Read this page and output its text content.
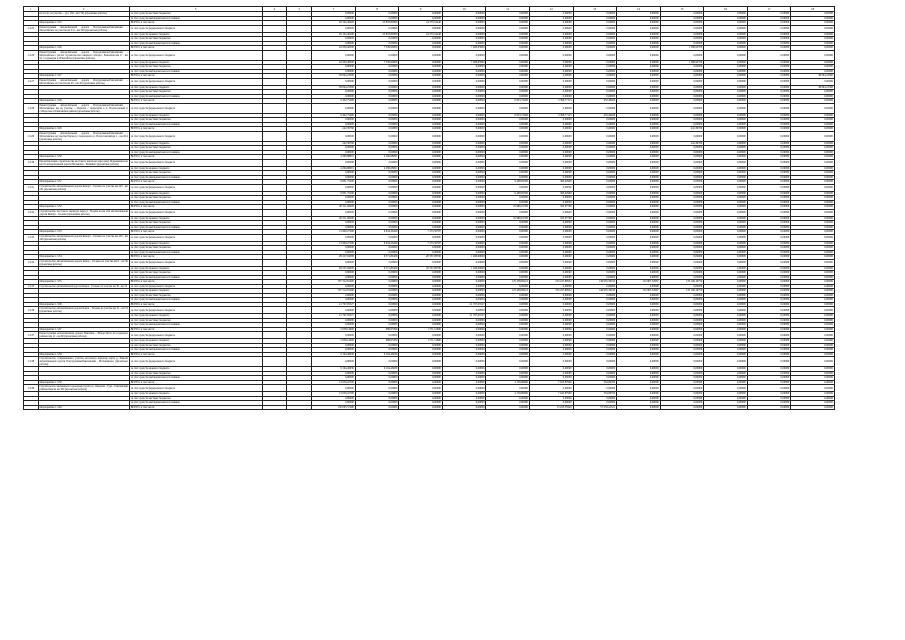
1	2	3	4	5	7	8	9	10	11	12	13	14	15	16	17	18
	из постр. на участке ... (ул. 159 - км 170) (проектные работы)	за счет средств местных бюджетов			0,00000	0,00000	0,00000	0,00000	0,00000	0,00000	0,00000	0,00000	0,00000	0,00000	0,00000	0,00000
		за счет средств внебюджетных источников			0,00000	0,00000	0,00000	0,00000	0,00000	0,00000	0,00000	0,00000	0,00000	0,00000	0,00000	0,00000
	Мероприятие 1.3.25	ВСЕГО, в том числе:			26 102,40200	23 833,82800	24 373,54440	0,00000	0,00000	0,00000	0,00000	0,00000	0,00000	0,00000	0,00000	0,00000
1.3.25	Реконструкция автомобильной дороги Погрудлавная-Енисейский - Мотыгинское на участке км 331 - км 349 (проектные работы)	за счет средств федерального бюджета			0,00000	0,00000	0,00000	0,00000	0,00000	0,00000	0,00000	0,00000	0,00000	0,00000	0,00000	0,00000
		за счет средств краевого бюджета			26 102,40200	23 833,82800	24 373,54440	0,00000	0,00000	0,00000	0,00000	0,00000	0,00000	0,00000	0,00000	0,00000
		за счет средств местных бюджетов			0,00000	0,00000	0,00000	0,00000	0,00000	0,00000	0,00000	0,00000	0,00000	0,00000	0,00000	0,00000
		за счет средств внебюджетных источников			0,00000	0,00000	0,00000	0,00000	0,00000	0,00000	0,00000	0,00000	0,00000	0,00000	0,00000	0,00000
	Мероприятие 1.3.26	ВСЕГО, в том числе:			42 659,46500	7 539,90000	0,00000	7 480,83900	0,00000	0,00000	0,00000	0,00000	1 386,92700	0,00000	0,00000	0,00000
1.3.26	Реконструкция автомобильной дороги Погрудлавная-Енисейский - Мотыгинское с расчет строительства северного обхода г. Енисейска км 17 - км 51 с подъездом к г.Енисейску (проектные работы)	за счет средств федерального бюджета			0,00000	0,00000	0,00000	0,00000	0,00000	0,00000	0,00000	0,00000	0,00000	0,00000	0,00000	0,00000
		за счет средств краевого бюджета			42 659,46500	7 539,90000	0,00000	7 480,83900	0,00000	0,00000	0,00000	0,00000	1 386,92700	0,00000	0,00000	0,00000
		за счет средств местных бюджетов			0,00000	0,00000	0,00000	0,00000	0,00000	0,00000	0,00000	0,00000	0,00000	0,00000	0,00000	0,00000
		за счет средств внебюджетных источников			0,00000	0,00000	0,00000	0,00000	0,00000	0,00000	0,00000	0,00000	0,00000	0,00000	0,00000	0,00000
	Мероприятие 1.3.27	ВСЕГО, в том числе:			38 694,23300	0,00000	0,00000	0,00000	0,00000	0,00000	0,00000	0,00000	0,00000	0,00000	0,00000	38 694,23300
1.3.27	Реконструкция автомобильной дороги Погрудлавная-Енисейский - Мотыгинское на участке км 29 - км 45 (проектные работы)	за счет средств федерального бюджета			0,00000	0,00000	0,00000	0,00000	0,00000	0,00000	0,00000	0,00000	0,00000	0,00000	0,00000	0,00000
		за счет средств краевого бюджета			38 694,23300	0,00000	0,00000	0,00000	0,00000	0,00000	0,00000	0,00000	0,00000	0,00000	0,00000	38 694,23300
		за счет средств местных бюджетов			0,00000	0,00000	0,00000	0,00000	0,00000	0,00000	0,00000	0,00000	0,00000	0,00000	0,00000	0,00000
		за счет средств внебюджетных источников			0,00000	0,00000	0,00000	0,00000	0,00000	0,00000	0,00000	0,00000	0,00000	0,00000	0,00000	0,00000
	Мероприятие 1.3.28	ВСЕГО, в том числе:			9 402,75400	0,00000	0,00000	0,00000	6 953,72400	2 390,77113	432,40400	0,00000	0,00000	0,00000	0,00000	0,00000
1.3.28	Реконструкция автомобильной дороги Погрудлавная-Енисейский - Мотыгинское км на участке ... Переезд с подъездом к п. Подтесовский и ст.Ворогово в Енисейском районе (проектные работы)	за счет средств федерального бюджета			0,00000	0,00000	0,00000	0,00000	0,00000	0,00000	0,00000	0,00000	0,00000	0,00000	0,00000	0,00000
		за счет средств краевого бюджета			9 402,75400	0,00000	0,00000	0,00000	6 953,72400	2 390,77113	432,40400	0,00000	0,00000	0,00000	0,00000	0,00000
		за счет средств местных бюджетов			0,00000	0,00000	0,00000	0,00000	0,00000	0,00000	0,00000	0,00000	0,00000	0,00000	0,00000	0,00000
		за счет средств внебюджетных источников			0,00000	0,00000	0,00000	0,00000	0,00000	0,00000	0,00000	0,00000	0,00000	0,00000	0,00000	0,00000
	Мероприятие 1.3.29	ВСЕГО, в том числе:			242,36760	0,00000	0,00000	0,00000	0,00000	0,00000	0,00000	0,00000	242,36760	0,00000	0,00000	0,00000
1.3.29	Реконструкция автомобильной дороги Погрудлавная-Енисейский - Мотыгинское на участке Переезд с подъездом к п. Подтесовский км 1 - км 20,4 (проектные работы)	за счет средств федерального бюджета			0,00000	0,00000	0,00000	0,00000	0,00000	0,00000	0,00000	0,00000	0,00000	0,00000	0,00000	0,00000
		за счет средств краевого бюджета			242,36760	0,00000	0,00000	0,00000	0,00000	0,00000	0,00000	0,00000	242,36760	0,00000	0,00000	0,00000
		за счет средств местных бюджетов			0,00000	0,00000	0,00000	0,00000	0,00000	0,00000	0,00000	0,00000	0,00000	0,00000	0,00000	0,00000
		за счет средств внебюджетных источников			0,00000	0,00000	0,00000	0,00000	0,00000	0,00000	0,00000	0,00000	0,00000	0,00000	0,00000	0,00000
	Мероприятие 1.3.30	ВСЕГО, в том числе:			4 290,68091	4 290,68091	0,00000	0,00000	0,00000	0,00000	0,00000	0,00000	0,00000	0,00000	0,00000	0,00000
1.3.30	Проектирование строительства мостового перехода через реку Подкаменная на км 16 автомобильной дороги Мотыгино - Енашимо (проектные работы)	за счет средств федерального бюджета			0,00000	0,00000	0,00000	0,00000	0,00000	0,00000	0,00000	0,00000	0,00000	0,00000	0,00000	0,00000
		за счет средств краевого бюджета			4 290,68091	4 290,68091	0,00000	0,00000	0,00000	0,00000	0,00000	0,00000	0,00000	0,00000	0,00000	0,00000
		за счет средств местных бюджетов			0,00000	0,00000	0,00000	0,00000	0,00000	0,00000	0,00000	0,00000	0,00000	0,00000	0,00000	0,00000
		за счет средств внебюджетных источников			0,00000	0,00000	0,00000	0,00000	0,00000	0,00000	0,00000	0,00000	0,00000	0,00000	0,00000	0,00000
	Мероприятие 1.3.31	ВСЕГО, в том числе:			9 831,75200	0,00000	0,00000	0,00000	9 498,82300	363,92900	0,00000	0,00000	0,00000	0,00000	0,00000	0,00000
1.3.31	Строительство автомобильной дороги Кемчуг - Тасеево на участке км 225 - км 251 (проектные работы)	за счет средств федерального бюджета			0,00000	0,00000	0,00000	0,00000	0,00000	0,00000	0,00000	0,00000	0,00000	0,00000	0,00000	0,00000
		за счет средств краевого бюджета			9 831,75200	0,00000	0,00000	0,00000	9 498,82300	363,92900	0,00000	0,00000	0,00000	0,00000	0,00000	0,00000
		за счет средств местных бюджетов			0,00000	0,00000	0,00000	0,00000	0,00000	0,00000	0,00000	0,00000	0,00000	0,00000	0,00000	0,00000
		за счет средств внебюджетных источников			0,00000	0,00000	0,00000	0,00000	0,00000	0,00000	0,00000	0,00000	0,00000	0,00000	0,00000	0,00000
	Мероприятие 1.3.32	ВСЕГО, в том числе:			20 311,69400	0,00000	0,00000	0,00000	19 986,61700	325,07700	0,00000	0,00000	0,00000	0,00000	0,00000	0,00000
1.3.32	Строительство мостового перехода через р. Тасеева на км 224 автомобильной дороги Кемчуг - Тасеево (проектные работы)	за счет средств федерального бюджета			0,00000	0,00000	0,00000	0,00000	0,00000	0,00000	0,00000	0,00000	0,00000	0,00000	0,00000	0,00000
		за счет средств краевого бюджета			20 311,69400	0,00000	0,00000	0,00000	19 986,61700	325,07700	0,00000	0,00000	0,00000	0,00000	0,00000	0,00000
		за счет средств местных бюджетов			0,00000	0,00000	0,00000	0,00000	0,00000	0,00000	0,00000	0,00000	0,00000	0,00000	0,00000	0,00000
		за счет средств внебюджетных источников			0,00000	0,00000	0,00000	0,00000	0,00000	0,00000	0,00000	0,00000	0,00000	0,00000	0,00000	0,00000
	Мероприятие 1.3.33	ВСЕГО, в том числе:			13 909,27200	6 634,36420	7 275,30787	0,00000	0,00000	0,00000	0,00000	0,00000	0,00000	0,00000	0,00000	0,00000
1.3.33	Строительство автомобильной дороги Кемчуг - Тасеево на участке км 250 - км 240 (проектные работы)	за счет средств федерального бюджета			0,00000	0,00000	0,00000	0,00000	0,00000	0,00000	0,00000	0,00000	0,00000	0,00000	0,00000	0,00000
		за счет средств краевого бюджета			13 909,27200	6 634,36420	7 275,30787	0,00000	0,00000	0,00000	0,00000	0,00000	0,00000	0,00000	0,00000	0,00000
		за счет средств местных бюджетов			0,00000	0,00000	0,00000	0,00000	0,00000	0,00000	0,00000	0,00000	0,00000	0,00000	0,00000	0,00000
		за счет средств внебюджетных источников			0,00000	0,00000	0,00000	0,00000	0,00000	0,00000	0,00000	0,00000	0,00000	0,00000	0,00000	0,00000
	Мероприятие 1.3.34	ВСЕГО, в том числе:			28 227,94300	6 371,86100	20 357,08700	1 499,00000	0,00000	0,00000	0,00000	0,00000	0,00000	0,00000	0,00000	0,00000
1.3.34	Строительство автомобильной дороги Канск - Тасеево на участке км 0 - км 36 (проектные работы)	за счет средств федерального бюджета			0,00000	0,00000	0,00000	0,00000	0,00000	0,00000	0,00000	0,00000	0,00000	0,00000	0,00000	0,00000
		за счет средств краевого бюджета			28 227,94300	6 371,86100	20 357,08700	1 499,00000	0,00000	0,00000	0,00000	0,00000	0,00000	0,00000	0,00000	0,00000
		за счет средств местных бюджетов			0,00000	0,00000	0,00000	0,00000	0,00000	0,00000	0,00000	0,00000	0,00000	0,00000	0,00000	0,00000
		за счет средств внебюджетных источников			0,00000	0,00000	0,00000	0,00000	0,00000	0,00000	0,00000	0,00000	0,00000	0,00000	0,00000	0,00000
	Мероприятие 1.3.35	ВСЕГО, в том числе:			797 312,81400	0,00000	0,00000	0,00000	125 438,69413	234 227,80952	146 935,39193	152 907,32967	133 106,16759	0,00000	0,00000	0,00000
1.3.35	Строительство автомобильной дороги Канск - Тасеево на участке км 36 - км 50	за счет средств федерального бюджета			0,00000	0,00000	0,00000	0,00000	0,00000	0,00000	0,00000	0,00000	0,00000	0,00000	0,00000	0,00000
		за счет средств краевого бюджета			797 312,81400	0,00000	0,00000	0,00000	125 438,69413	234 227,80952	146 935,39193	152 907,32967	133 106,16759	0,00000	0,00000	0,00000
		за счет средств местных бюджетов			0,00000	0,00000	0,00000	0,00000	0,00000	0,00000	0,00000	0,00000	0,00000	0,00000	0,00000	0,00000
		за счет средств внебюджетных источников			0,00000	0,00000	0,00000	0,00000	0,00000	0,00000	0,00000	0,00000	0,00000	0,00000	0,00000	0,00000
	Мероприятие 1.3.36	ВСЕГО, в том числе:			21 797,05527	0,00000	0,00000	21 797,05527	0,00000	0,00000	0,00000	0,00000	0,00000	0,00000	0,00000	0,00000
1.3.36	Строительство автомобильной дороги Канск - Тасеево на участке км 51 - км 53 (проектные работы)	за счет средств федерального бюджета			0,00000	0,00000	0,00000	0,00000	0,00000	0,00000	0,00000	0,00000	0,00000	0,00000	0,00000	0,00000
		за счет средств краевого бюджета			21 797,05527	0,00000	0,00000	21 797,05527	0,00000	0,00000	0,00000	0,00000	0,00000	0,00000	0,00000	0,00000
		за счет средств местных бюджетов			0,00000	0,00000	0,00000	0,00000	0,00000	0,00000	0,00000	0,00000	0,00000	0,00000	0,00000	0,00000
		за счет средств внебюджетных источников			0,00000	0,00000	0,00000	0,00000	0,00000	0,00000	0,00000	0,00000	0,00000	0,00000	0,00000	0,00000
	Мероприятие 1.3.37	ВСЕГО, в том числе:			2 658,14900	086,63300	1 571,51600	0,00000	0,00000	0,00000	0,00000	0,00000	0,00000	0,00000	0,00000	0,00000
1.3.37	Реконструкция автомобильной дороги Енисейск - Новоуститск на подъездах районах км 12 - км 60 (проектные работы)	за счет средств федерального бюджета			0,00000	0,00000	0,00000	0,00000	0,00000	0,00000	0,00000	0,00000	0,00000	0,00000	0,00000	0,00000
		за счет средств краевого бюджета			2 658,14900	086,63300	1 571,51600	0,00000	0,00000	0,00000	0,00000	0,00000	0,00000	0,00000	0,00000	0,00000
		за счет средств местных бюджетов			0,00000	0,00000	0,00000	0,00000	0,00000	0,00000	0,00000	0,00000	0,00000	0,00000	0,00000	0,00000
		за счет средств внебюджетных источников			0,00000	0,00000	0,00000	0,00000	0,00000	0,00000	0,00000	0,00000	0,00000	0,00000	0,00000	0,00000
	Мероприятие 1.3.38	ВСЕГО, в том числе:			9 164,46630	9 164,46630	0,00000	0,00000	0,00000	0,00000	0,00000	0,00000	0,00000	0,00000	0,00000	0,00000
1.3.38	Строительство сопряжающего участка мостового перехода через р. Енисей автомобильной дороги Погрудлавная-Енисейский - Мотыгинское (проектные работы)	за счет средств федерального бюджета			0,00000	0,00000	0,00000	0,00000	0,00000	0,00000	0,00000	0,00000	0,00000	0,00000	0,00000	0,00000
		за счет средств краевого бюджета			9 164,46630	9 164,46630	0,00000	0,00000	0,00000	0,00000	0,00000	0,00000	0,00000	0,00000	0,00000	0,00000
		за счет средств местных бюджетов			0,00000	0,00000	0,00000	0,00000	0,00000	0,00000	0,00000	0,00000	0,00000	0,00000	0,00000	0,00000
		за счет средств внебюджетных источников			0,00000	0,00000	0,00000	0,00000	0,00000	0,00000	0,00000	0,00000	0,00000	0,00000	0,00000	0,00000
	Мероприятие 1.3.39	ВСЕГО, в том числе:			12 659,22700	0,00000	0,00000	0,00000	4 159,86600	7 623,87900	354,99700	0,00000	0,00000	0,00000	0,00000	0,00000
1.3.39	Строительство временных подъездных путей к р. Ожерная - Тура - Енисейский районы Канска км 180 (проектные работы)	за счет средств федерального бюджета			0,00000	0,00000	0,00000	0,00000	0,00000	0,00000	0,00000	0,00000	0,00000	0,00000	0,00000	0,00000
		за счет средств краевого бюджета			12 659,22700	0,00000	0,00000	0,00000	4 159,86600	7 623,87900	354,99700	0,00000	0,00000	0,00000	0,00000	0,00000
		за счет средств местных бюджетов			0,00000	0,00000	0,00000	0,00000	0,00000	0,00000	0,00000	0,00000	0,00000	0,00000	0,00000	0,00000
		за счет средств внебюджетных источников			0,00000	0,00000	0,00000	0,00000	0,00000	0,00000	0,00000	0,00000	0,00000	0,00000	0,00000	0,00000
	Мероприятие 1.3.40	ВСЕГО, в том числе:			130 065,57400	0,00000	0,00000	0,00000	0,00000	15 225,35949	57 259,41521	0,00000	0,00000	0,00000	0,00000	0,00000
